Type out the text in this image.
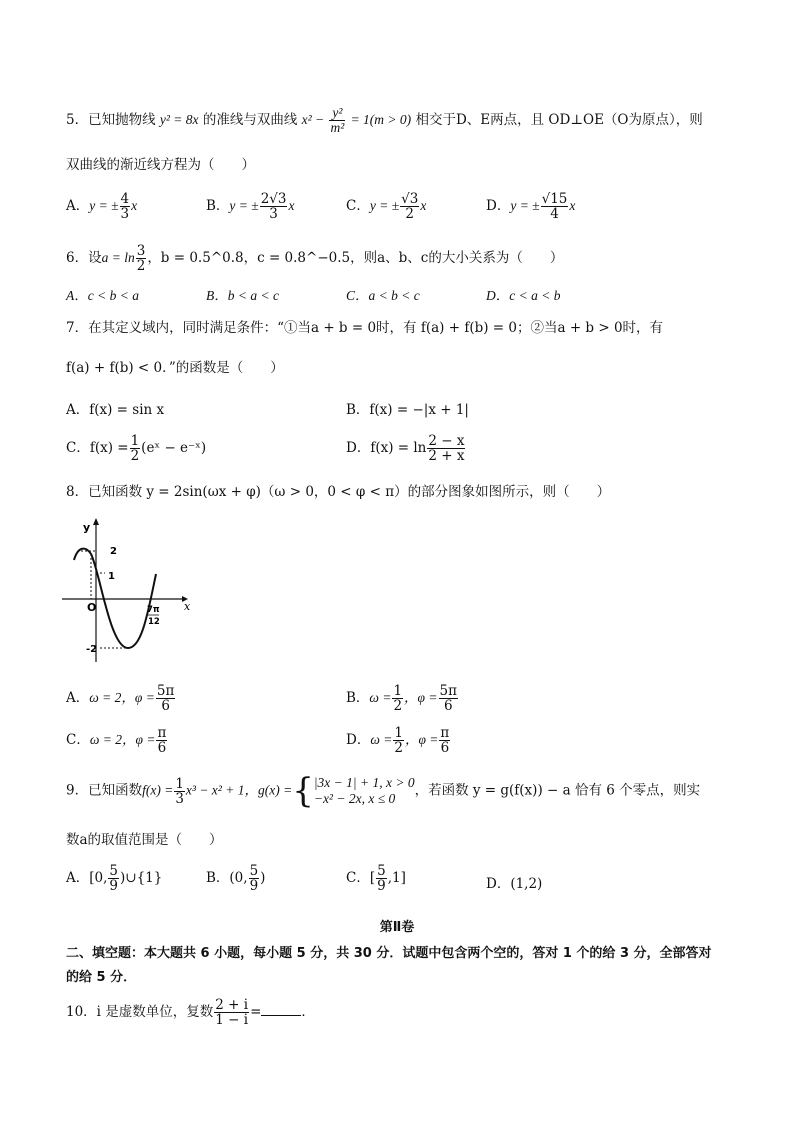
5．已知抛物线 y² = 8x 的准线与双曲线 $x^2 - \frac{\text{y²}}{\text{m²}} = 1(m > 0)$ 相交于D、E两点，且 OD⊥OE（O为原点），则
双曲线的渐近线方程为（　　）
A．y = ± $\frac{4}{3}$ x	B．y = ± $\frac{2√3}{3}$ x	C．y = ± $\frac{√3}{2}$ x	D．y = ± $\frac{√15}{4}$ x
6．设$a = \ln \frac{3}{2}$ ，b = 0.5^0.8，c = 0.8^−0.5，则a、b、c的大小关系为（　　）
A．c < b < a	B．b < a < c	C．a < b < c	D．c < a < b
7．在其定义域内，同时满足条件：“①当a + b = 0时，有 f(a) + f(b) = 0；②当a + b > 0时，有
f(a) + f(b) < 0．”的函数是（　　）
A．f(x) = sin x	B．f(x) = −|x + 1|
C．$f(x) = \frac{1}{2}$ (eˣ − e⁻ˣ)	D．$f(x) = \ln \frac{2 - x}{2 + x}$
8．已知函数 y = 2sin(ωx + φ)（ω > 0，0 < φ < π）的部分图象如图所示，则（　　）
y
x
O
2
1
-2
7π
12
A．ω = 2，$\varphi = \frac{5\pi}{6}$	B．$\omega = \frac{1}{2}$ ，$\varphi = \frac{5\pi}{6}$
C．ω = 2，$\varphi = \frac{\pi}{6}$	D．$\omega = \frac{1}{2}$ ，$\varphi = \frac{\pi}{6}$
9．已知函数$f(x) = \frac{1}{3} x^3 - x^2 + 1$，g(x) ={ |3x − 1| + 1, x > 0
−x² − 2x, x ≤ 0	，若函数 y = g(f(x)) − a 恰有 6 个零点，则实
数a的取值范围是（　　）
A．[0, $\frac{5}{9}$ )∪{1}	B．(0, $\frac{5}{9}$ )	C．[ $\frac{5}{9} ,1$]	D．(1,2)
第Ⅱ卷
二、填空题：本大题共 6 小题，每小题 5 分，共 30 分．试题中包含两个空的，答对 1 个的给 3 分，全部答对
的给 5 分．
10．i 是虚数单位，复数 $\frac{2 + i}{1 - i}$ =	．
